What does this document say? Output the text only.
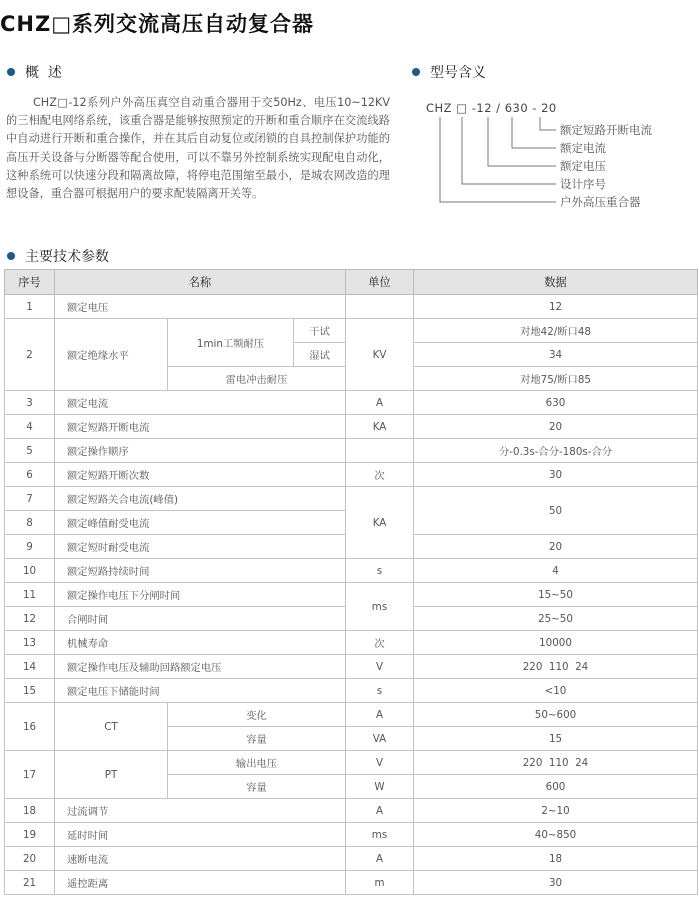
CHZ□系列交流高压自动复合器
概  述

CHZ□-12系列户外高压真空自动重合器用于交50Hz、电压10~12KV的三相配电网络系统，该重合器是能够按照预定的开断和重合顺序在交流线路中自动进行开断和重合操作，并在其后自动复位或闭锁的自具控制保护功能的高压开关设备与分断器等配合使用，可以不靠另外控制系统实现配电自动化，这种系统可以快速分段和隔离故障，将停电范围缩至最小，是城农网改造的理想设备，重合器可根据用户的要求配装隔离开关等。

型号含义
CHZ □ -12 / 630 - 20
额定短路开断电流
额定电流
额定电压
设计序号
户外高压重合器
主要技术参数
序号	名称			单位	数据
1	额定电压				12
2	额定绝缘水平	1min工频耐压	干试	KV	对地42/断口48
			湿试		34
		雷电冲击耐压			对地75/断口85
3	额定电流			A	630
4	额定短路开断电流			KA	20
5	额定操作顺序				分-0.3s-合分-180s-合分
6	额定短路开断次数			次	30
7	额定短路关合电流(峰值)			KA	50
8	额定峰值耐受电流				
9	额定短时耐受电流				20
10	额定短路持续时间			s	4
11	额定操作电压下分闸时间			ms	15~50
12	合闸时间				25~50
13	机械寿命			次	10000
14	额定操作电压及辅助回路额定电压			V	220  110  24
15	额定电压下储能时间			s	<10
16	CT	变化		A	50~600
		容量		VA	15
17	PT	输出电压		V	220  110  24
		容量		W	600
18	过流调节			A	2~10
19	延时时间			ms	40~850
20	速断电流			A	18
21	遥控距离			m	30
